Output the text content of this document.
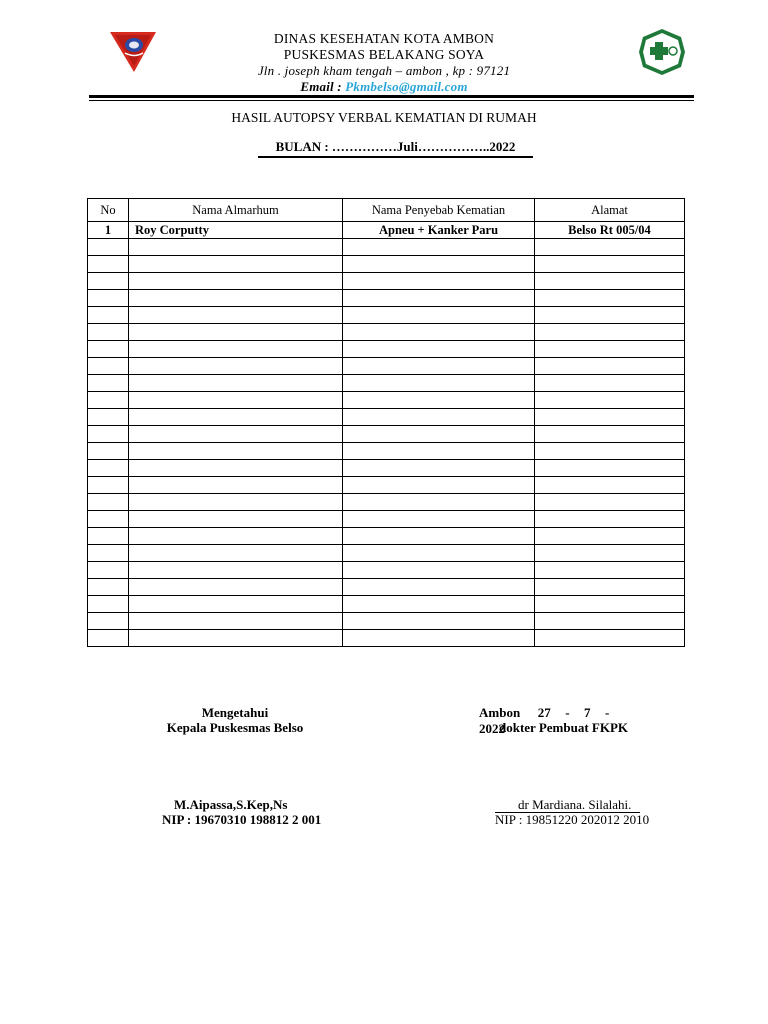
DINAS KESEHATAN KOTA AMBON
PUSKESMAS BELAKANG SOYA
Jln . joseph kham tengah – ambon , kp : 97121
Email : Pkmbelso@gmail.com
HASIL AUTOPSY VERBAL KEMATIAN DI RUMAH
BULAN : ……………Juli……………..2022
No	Nama Almarhum	Nama Penyebab Kematian	Alamat
1	Roy Corputty	Apneu + Kanker Paru	Belso Rt 005/04

Mengetahui
Kepala Puskesmas Belso
M.Aipassa,S.Kep,Ns
NIP : 19670310 198812 2 001
Ambon 27 - 7 -  2022
dokter Pembuat FKPK
dr Mardiana. Silalahi.
NIP : 19851220 202012 2010
